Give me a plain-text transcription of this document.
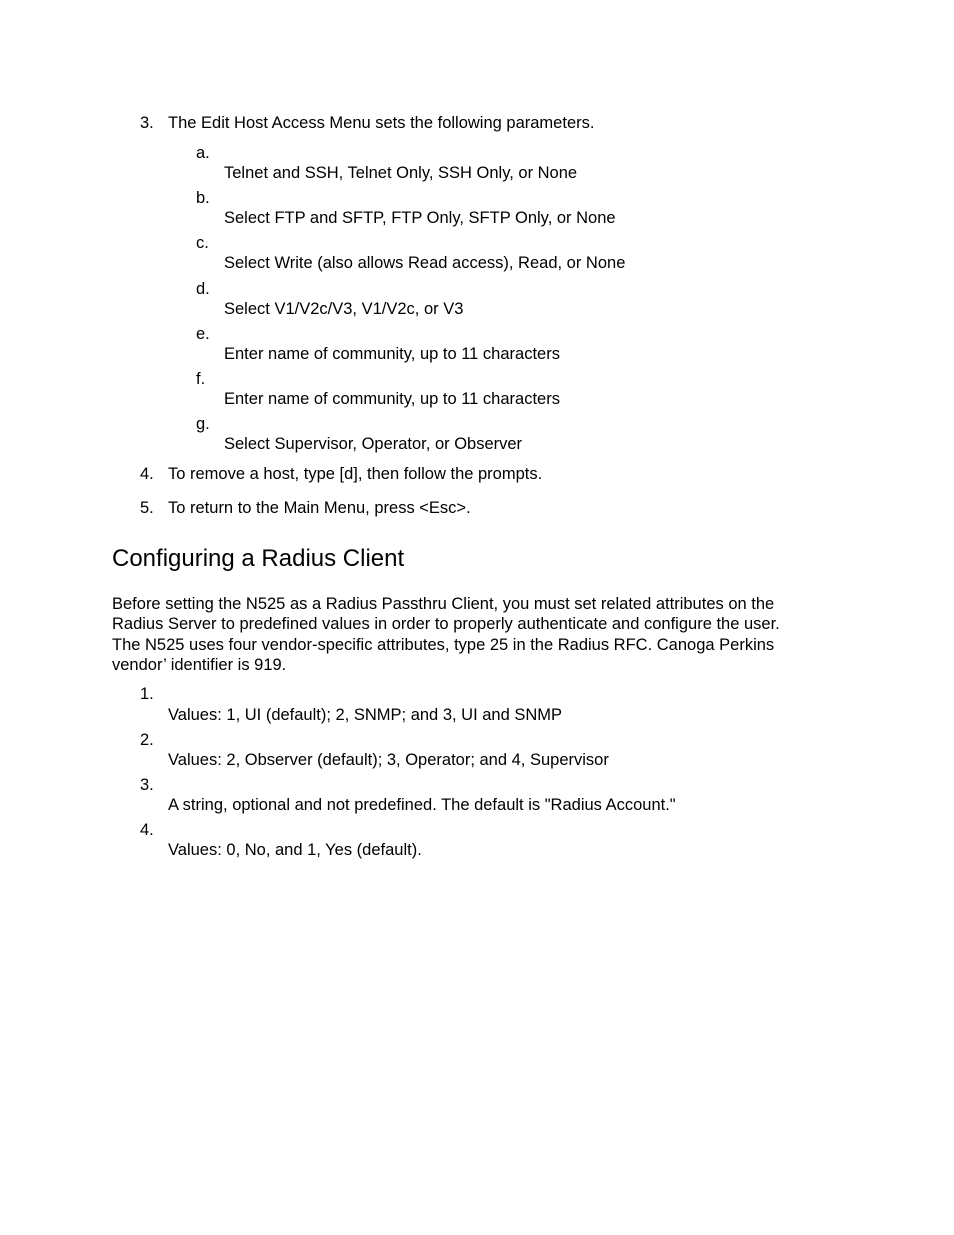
3. The Edit Host Access Menu sets the following parameters.
a.
Telnet and SSH, Telnet Only, SSH Only, or None
b.
Select FTP and SFTP, FTP Only, SFTP Only, or None
c.
Select Write (also allows Read access), Read, or None
d.
Select V1/V2c/V3, V1/V2c, or V3
e.
Enter name of community, up to 11 characters
f.
Enter name of community, up to 11 characters
g.
Select Supervisor, Operator, or Observer
4. To remove a host, type [d], then follow the prompts.
5. To return to the Main Menu, press <Esc>.
Configuring a Radius Client
Before setting the N525 as a Radius Passthru Client, you must set related attributes on the
Radius Server to predefined values in order to properly authenticate and configure the user.
The N525 uses four vendor-specific attributes, type 25 in the Radius RFC. Canoga Perkins
vendor’ identifier is 919.
1.
Values: 1, UI (default); 2, SNMP; and 3, UI and SNMP
2.
Values: 2, Observer (default); 3, Operator; and 4, Supervisor
3.
A string, optional and not predefined. The default is "Radius Account."
4.
Values: 0, No, and 1, Yes (default).
